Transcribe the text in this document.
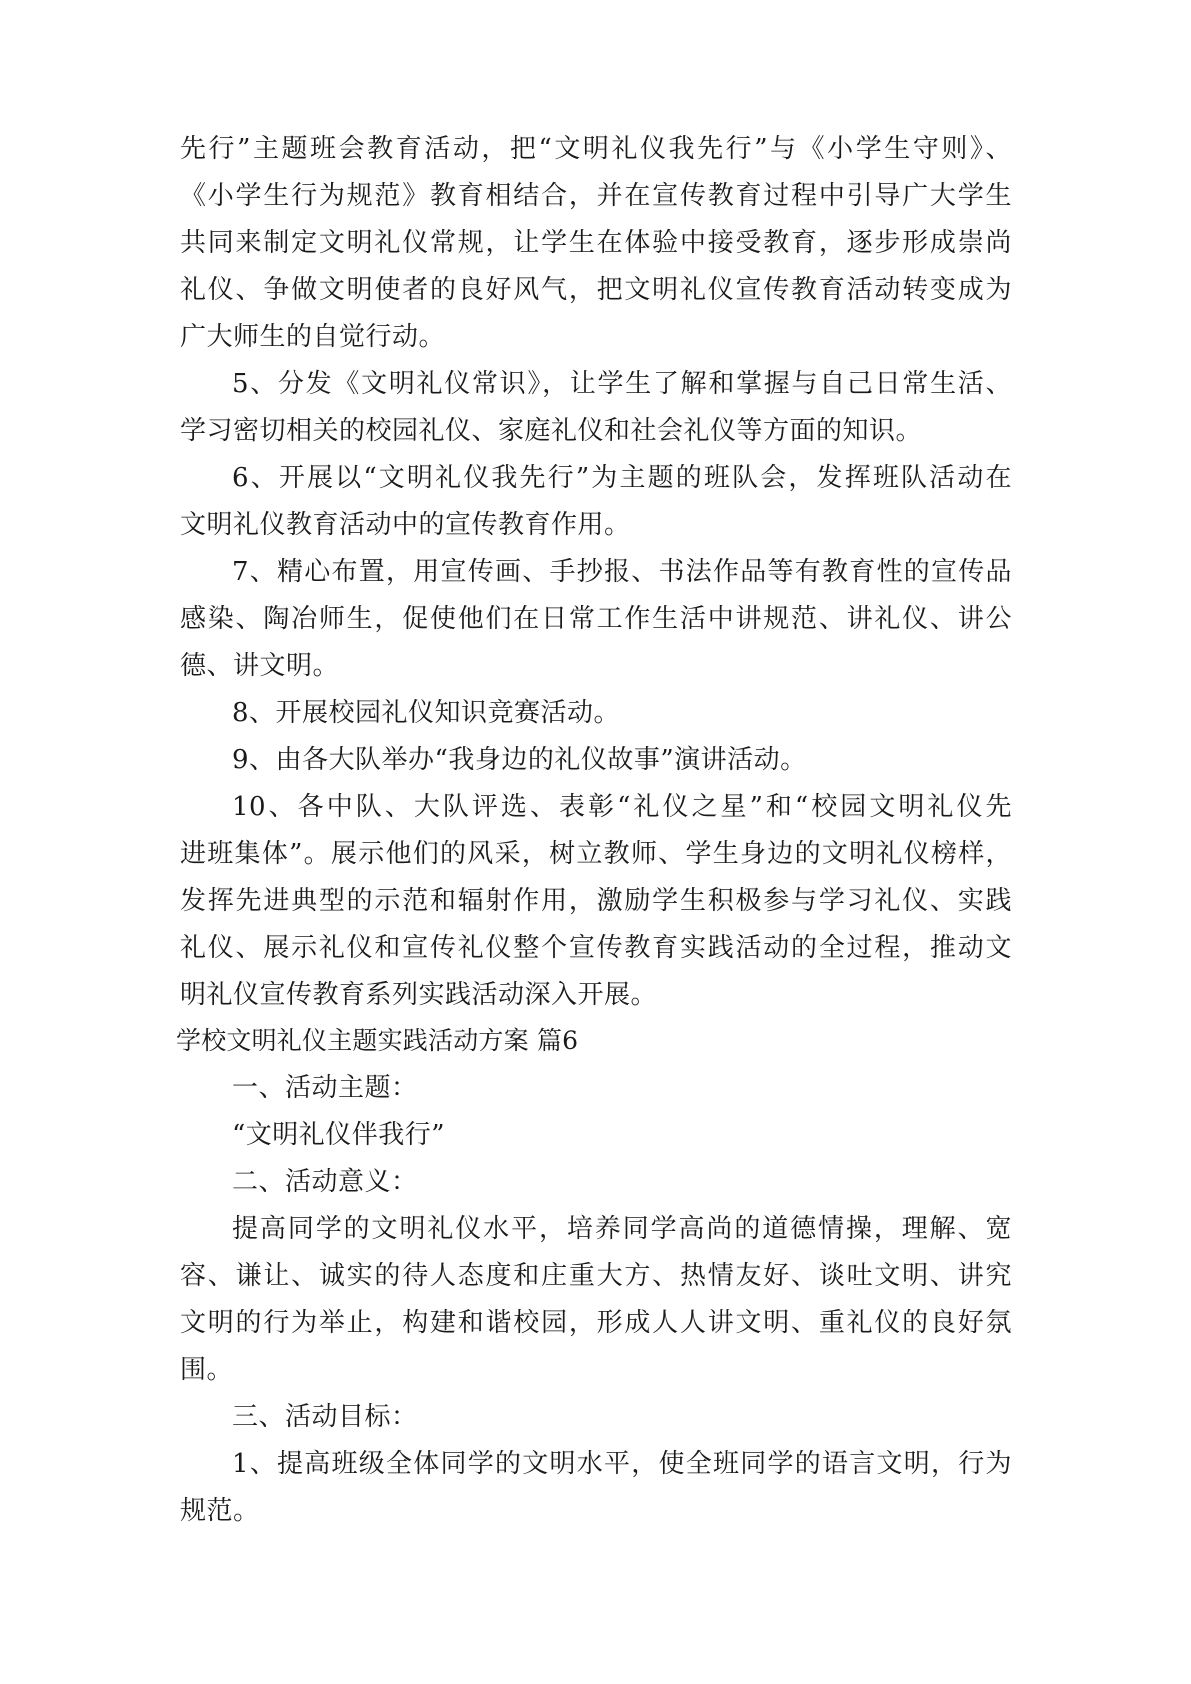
先行”主题班会教育活动，把“文明礼仪我先行”与《小学生守则》、
《小学生行为规范》教育相结合，并在宣传教育过程中引导广大学生
共同来制定文明礼仪常规，让学生在体验中接受教育，逐步形成崇尚
礼仪、争做文明使者的良好风气，把文明礼仪宣传教育活动转变成为
广大师生的自觉行动。
5、分发《文明礼仪常识》，让学生了解和掌握与自己日常生活、
学习密切相关的校园礼仪、家庭礼仪和社会礼仪等方面的知识。
6、开展以“文明礼仪我先行”为主题的班队会，发挥班队活动在
文明礼仪教育活动中的宣传教育作用。
7、精心布置，用宣传画、手抄报、书法作品等有教育性的宣传品
感染、陶冶师生，促使他们在日常工作生活中讲规范、讲礼仪、讲公
德、讲文明。
8、开展校园礼仪知识竞赛活动。
9、由各大队举办“我身边的礼仪故事”演讲活动。
10、各中队、大队评选、表彰“礼仪之星”和“校园文明礼仪先
进班集体”。展示他们的风采，树立教师、学生身边的文明礼仪榜样，
发挥先进典型的示范和辐射作用，激励学生积极参与学习礼仪、实践
礼仪、展示礼仪和宣传礼仪整个宣传教育实践活动的全过程，推动文
明礼仪宣传教育系列实践活动深入开展。
学校文明礼仪主题实践活动方案 篇6
一、活动主题：
“文明礼仪伴我行”
二、活动意义：
提高同学的文明礼仪水平，培养同学高尚的道德情操，理解、宽
容、谦让、诚实的待人态度和庄重大方、热情友好、谈吐文明、讲究
文明的行为举止，构建和谐校园，形成人人讲文明、重礼仪的良好氛
围。
三、活动目标：
1、提高班级全体同学的文明水平，使全班同学的语言文明，行为
规范。
